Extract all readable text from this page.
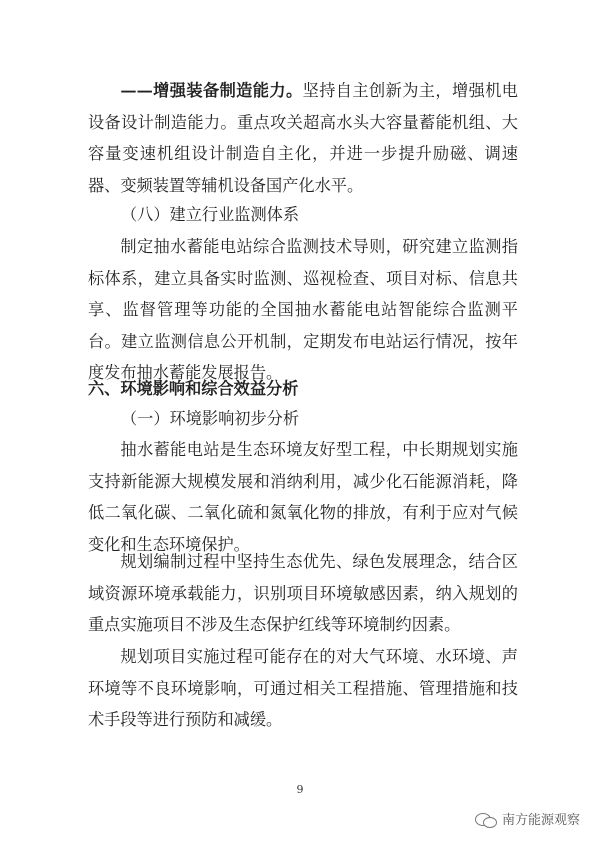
——增强装备制造能力。坚持自主创新为主，增强机电设备设计制造能力。重点攻关超高水头大容量蓄能机组、大容量变速机组设计制造自主化，并进一步提升励磁、调速器、变频装置等辅机设备国产化水平。

（八）建立行业监测体系

制定抽水蓄能电站综合监测技术导则，研究建立监测指标体系，建立具备实时监测、巡视检查、项目对标、信息共享、监督管理等功能的全国抽水蓄能电站智能综合监测平台。建立监测信息公开机制，定期发布电站运行情况，按年度发布抽水蓄能发展报告。

六、环境影响和综合效益分析

（一）环境影响初步分析

抽水蓄能电站是生态环境友好型工程，中长期规划实施支持新能源大规模发展和消纳利用，减少化石能源消耗，降低二氧化碳、二氧化硫和氮氧化物的排放，有利于应对气候变化和生态环境保护。

规划编制过程中坚持生态优先、绿色发展理念，结合区域资源环境承载能力，识别项目环境敏感因素，纳入规划的重点实施项目不涉及生态保护红线等环境制约因素。

规划项目实施过程可能存在的对大气环境、水环境、声环境等不良环境影响，可通过相关工程措施、管理措施和技术手段等进行预防和减缓。

9
南方能源观察
